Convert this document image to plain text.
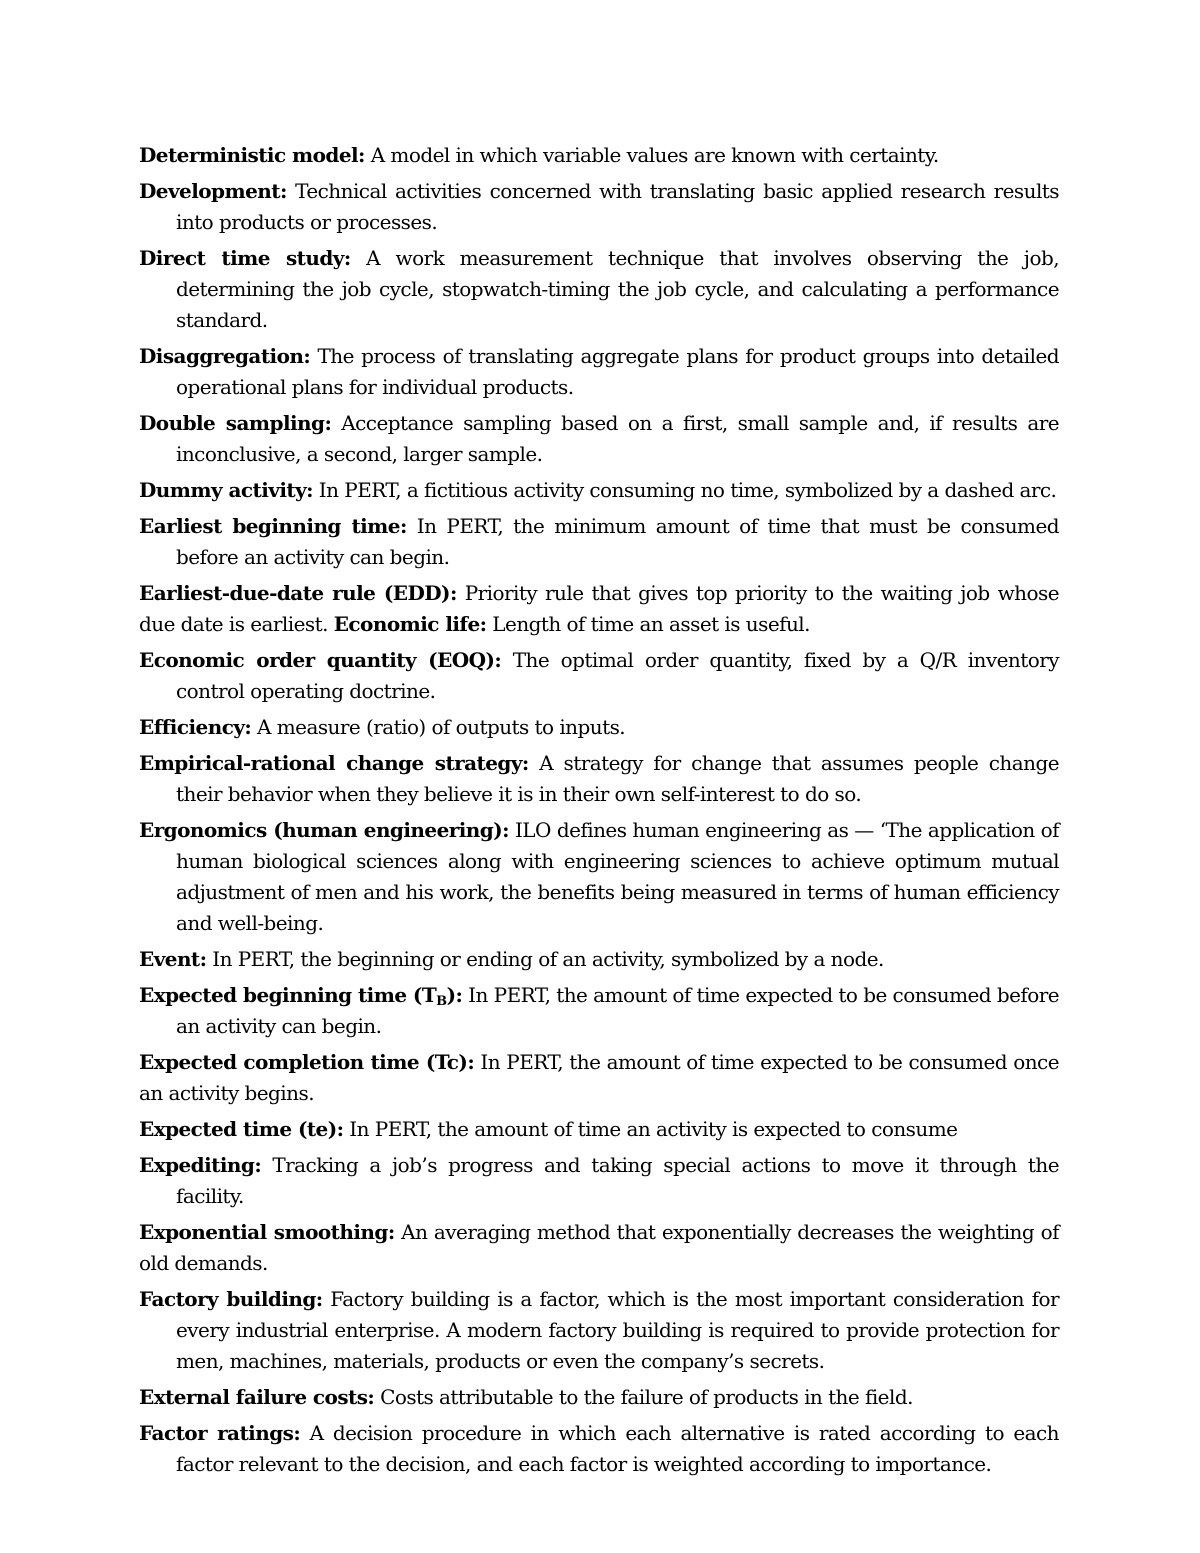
Deterministic model: A model in which variable values are known with certainty.

Development: Technical activities concerned with translating basic applied research results into products or processes.

Direct time study: A work measurement technique that involves observing the job, determining the job cycle, stopwatch-timing the job cycle, and calculating a performance standard.

Disaggregation: The process of translating aggregate plans for product groups into detailed operational plans for individual products.

Double sampling: Acceptance sampling based on a first, small sample and, if results are inconclusive, a second, larger sample.

Dummy activity: In PERT, a fictitious activity consuming no time, symbolized by a dashed arc.

Earliest beginning time: In PERT, the minimum amount of time that must be consumed before an activity can begin.

Earliest-due-date rule (EDD): Priority rule that gives top priority to the waiting job whose due date is earliest. Economic life: Length of time an asset is useful.

Economic order quantity (EOQ): The optimal order quantity, fixed by a Q/R inventory control operating doctrine.

Efficiency: A measure (ratio) of outputs to inputs.

Empirical-rational change strategy: A strategy for change that assumes people change their behavior when they believe it is in their own self-interest to do so.

Ergonomics (human engineering): ILO defines human engineering as — ‘The application of human biological sciences along with engineering sciences to achieve optimum mutual adjustment of men and his work, the benefits being measured in terms of human efficiency and well-being.

Event: In PERT, the beginning or ending of an activity, symbolized by a node.

Expected beginning time $(T_B)$: In PERT, the amount of time expected to be consumed before an activity can begin.

Expected completion time (Tc): In PERT, the amount of time expected to be consumed once an activity begins.

Expected time (te): In PERT, the amount of time an activity is expected to consume

Expediting: Tracking a job’s progress and taking special actions to move it through the facility.

Exponential smoothing: An averaging method that exponentially decreases the weighting of old demands.

Factory building: Factory building is a factor, which is the most important consideration for every industrial enterprise. A modern factory building is required to provide protection for men, machines, materials, products or even the company’s secrets.

External failure costs: Costs attributable to the failure of products in the field.

Factor ratings: A decision procedure in which each alternative is rated according to each factor relevant to the decision, and each factor is weighted according to importance.
